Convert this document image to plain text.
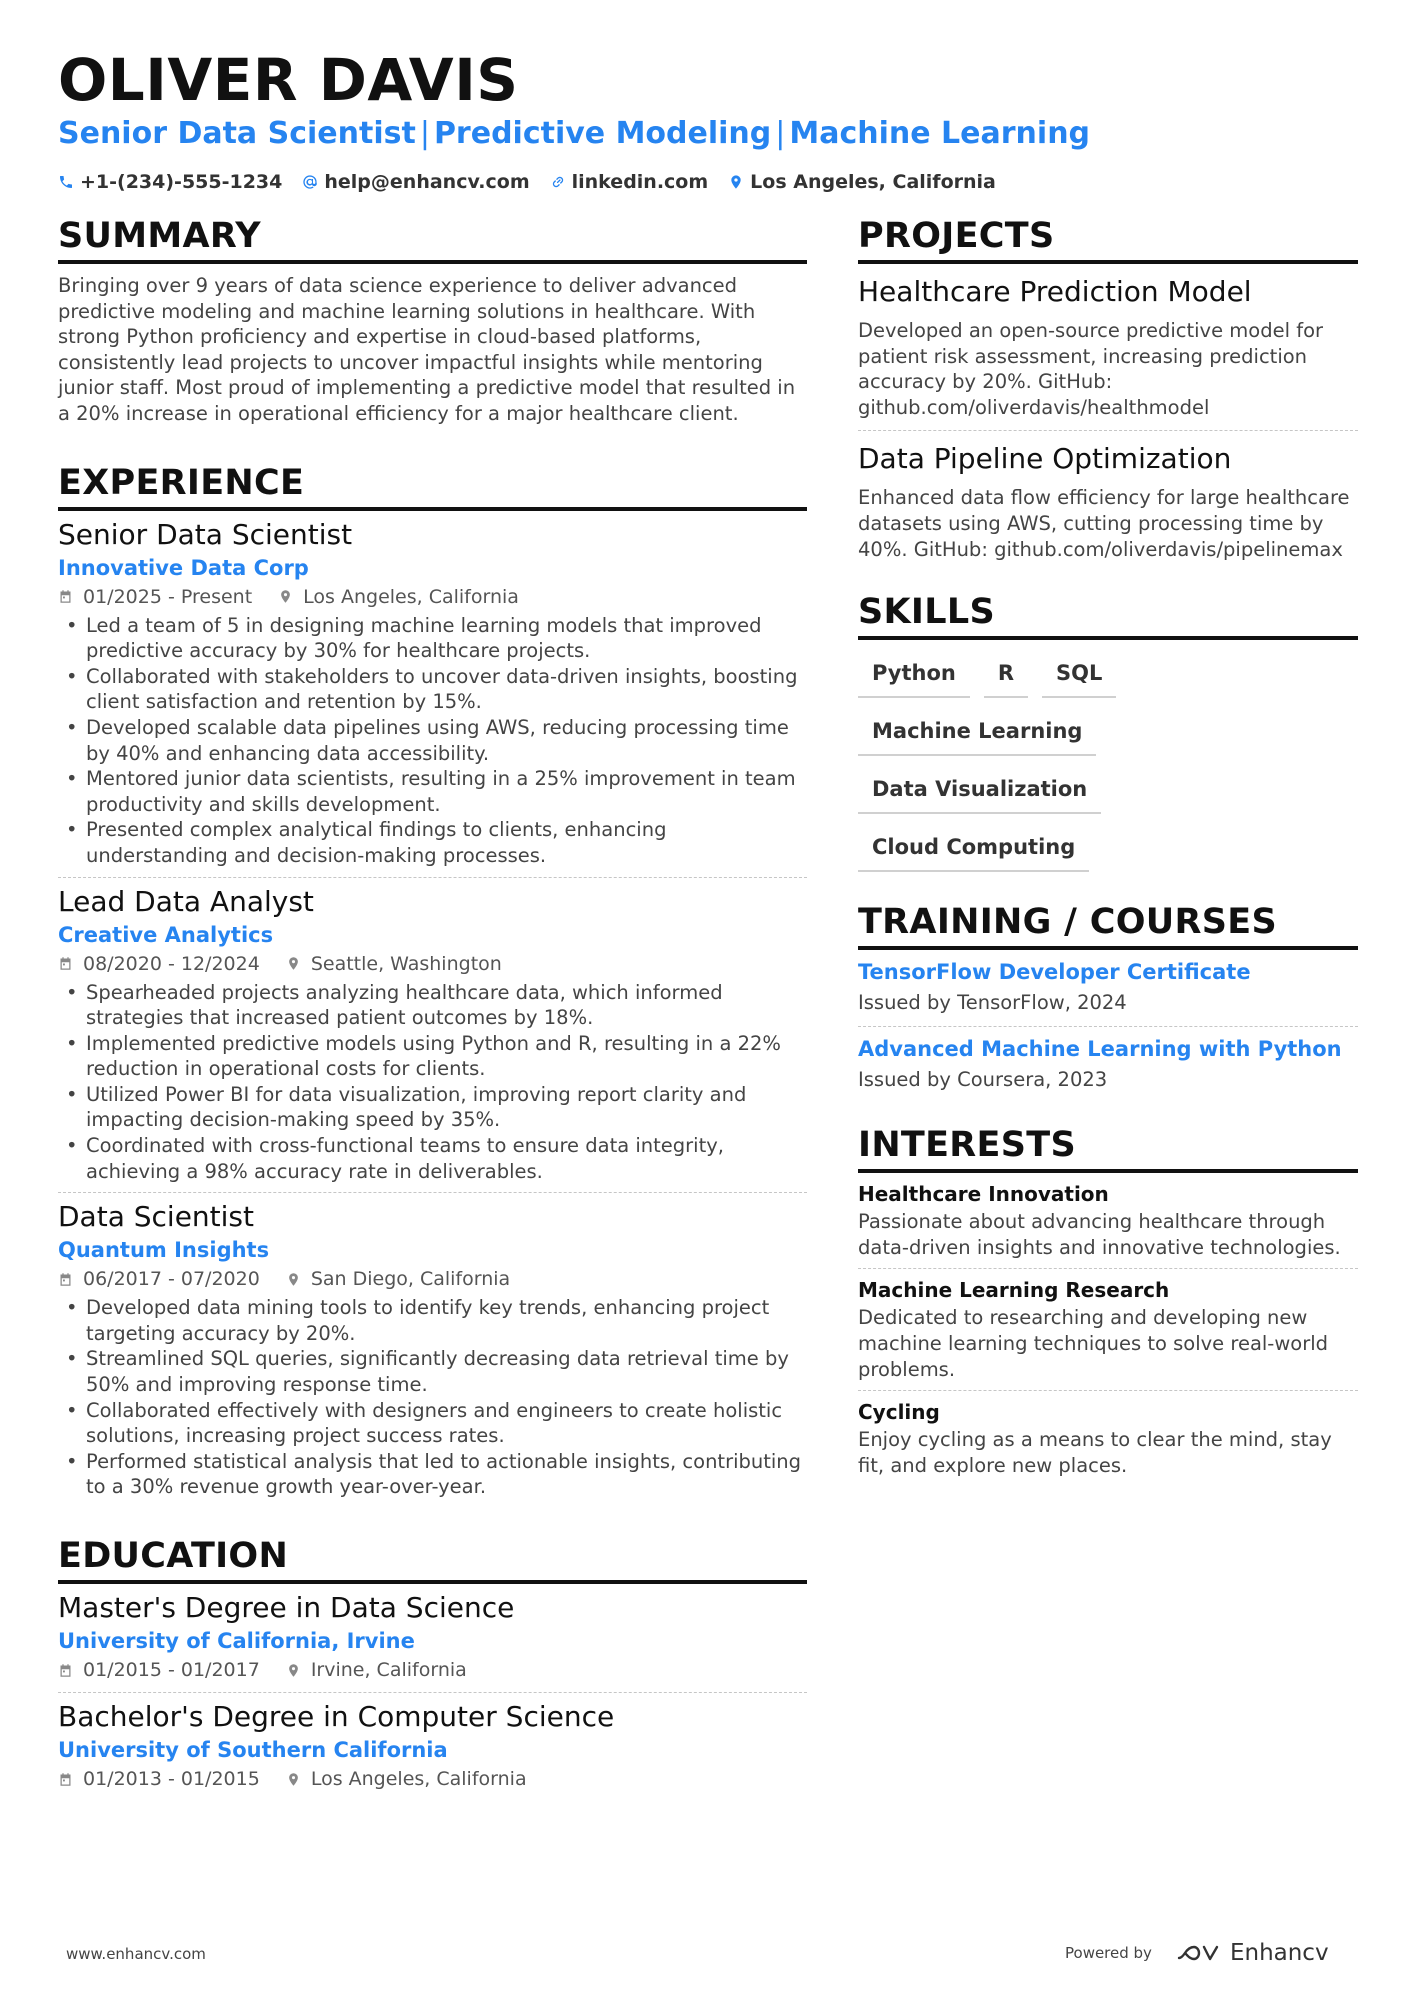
OLIVER DAVIS
Senior Data Scientist | Predictive Modeling | Machine Learning
+1-(234)-555-1234 help@enhancv.com linkedin.com Los Angeles, California
SUMMARY
Bringing over 9 years of data science experience to deliver advanced predictive modeling and machine learning solutions in healthcare. With strong Python proficiency and expertise in cloud-based platforms, consistently lead projects to uncover impactful insights while mentoring junior staff. Most proud of implementing a predictive model that resulted in a 20% increase in operational efficiency for a major healthcare client.
EXPERIENCE
Senior Data Scientist
Innovative Data Corp
01/2025 - Present	Los Angeles, California
• Led a team of 5 in designing machine learning models that improved predictive accuracy by 30% for healthcare projects.
• Collaborated with stakeholders to uncover data-driven insights, boosting client satisfaction and retention by 15%.
• Developed scalable data pipelines using AWS, reducing processing time by 40% and enhancing data accessibility.
• Mentored junior data scientists, resulting in a 25% improvement in team productivity and skills development.
• Presented complex analytical findings to clients, enhancing understanding and decision-making processes.
Lead Data Analyst
Creative Analytics
08/2020 - 12/2024	Seattle, Washington
• Spearheaded projects analyzing healthcare data, which informed strategies that increased patient outcomes by 18%.
• Implemented predictive models using Python and R, resulting in a 22% reduction in operational costs for clients.
• Utilized Power BI for data visualization, improving report clarity and impacting decision-making speed by 35%.
• Coordinated with cross-functional teams to ensure data integrity, achieving a 98% accuracy rate in deliverables.
Data Scientist
Quantum Insights
06/2017 - 07/2020	San Diego, California
• Developed data mining tools to identify key trends, enhancing project targeting accuracy by 20%.
• Streamlined SQL queries, significantly decreasing data retrieval time by 50% and improving response time.
• Collaborated effectively with designers and engineers to create holistic solutions, increasing project success rates.
• Performed statistical analysis that led to actionable insights, contributing to a 30% revenue growth year-over-year.
EDUCATION
Master's Degree in Data Science
University of California, Irvine
01/2015 - 01/2017	Irvine, California
Bachelor's Degree in Computer Science
University of Southern California
01/2013 - 01/2015	Los Angeles, California
PROJECTS
Healthcare Prediction Model
Developed an open-source predictive model for patient risk assessment, increasing prediction accuracy by 20%. GitHub: github.com/oliverdavis/healthmodel
Data Pipeline Optimization
Enhanced data flow efficiency for large healthcare datasets using AWS, cutting processing time by 40%. GitHub: github.com/oliverdavis/pipelinemax
SKILLS
Python	R	SQL
Machine Learning
Data Visualization
Cloud Computing
TRAINING / COURSES
TensorFlow Developer Certificate
Issued by TensorFlow, 2024
Advanced Machine Learning with Python
Issued by Coursera, 2023
INTERESTS
Healthcare Innovation
Passionate about advancing healthcare through data-driven insights and innovative technologies.
Machine Learning Research
Dedicated to researching and developing new machine learning techniques to solve real-world problems.
Cycling
Enjoy cycling as a means to clear the mind, stay fit, and explore new places.
www.enhancv.com	Powered by	Enhancv
